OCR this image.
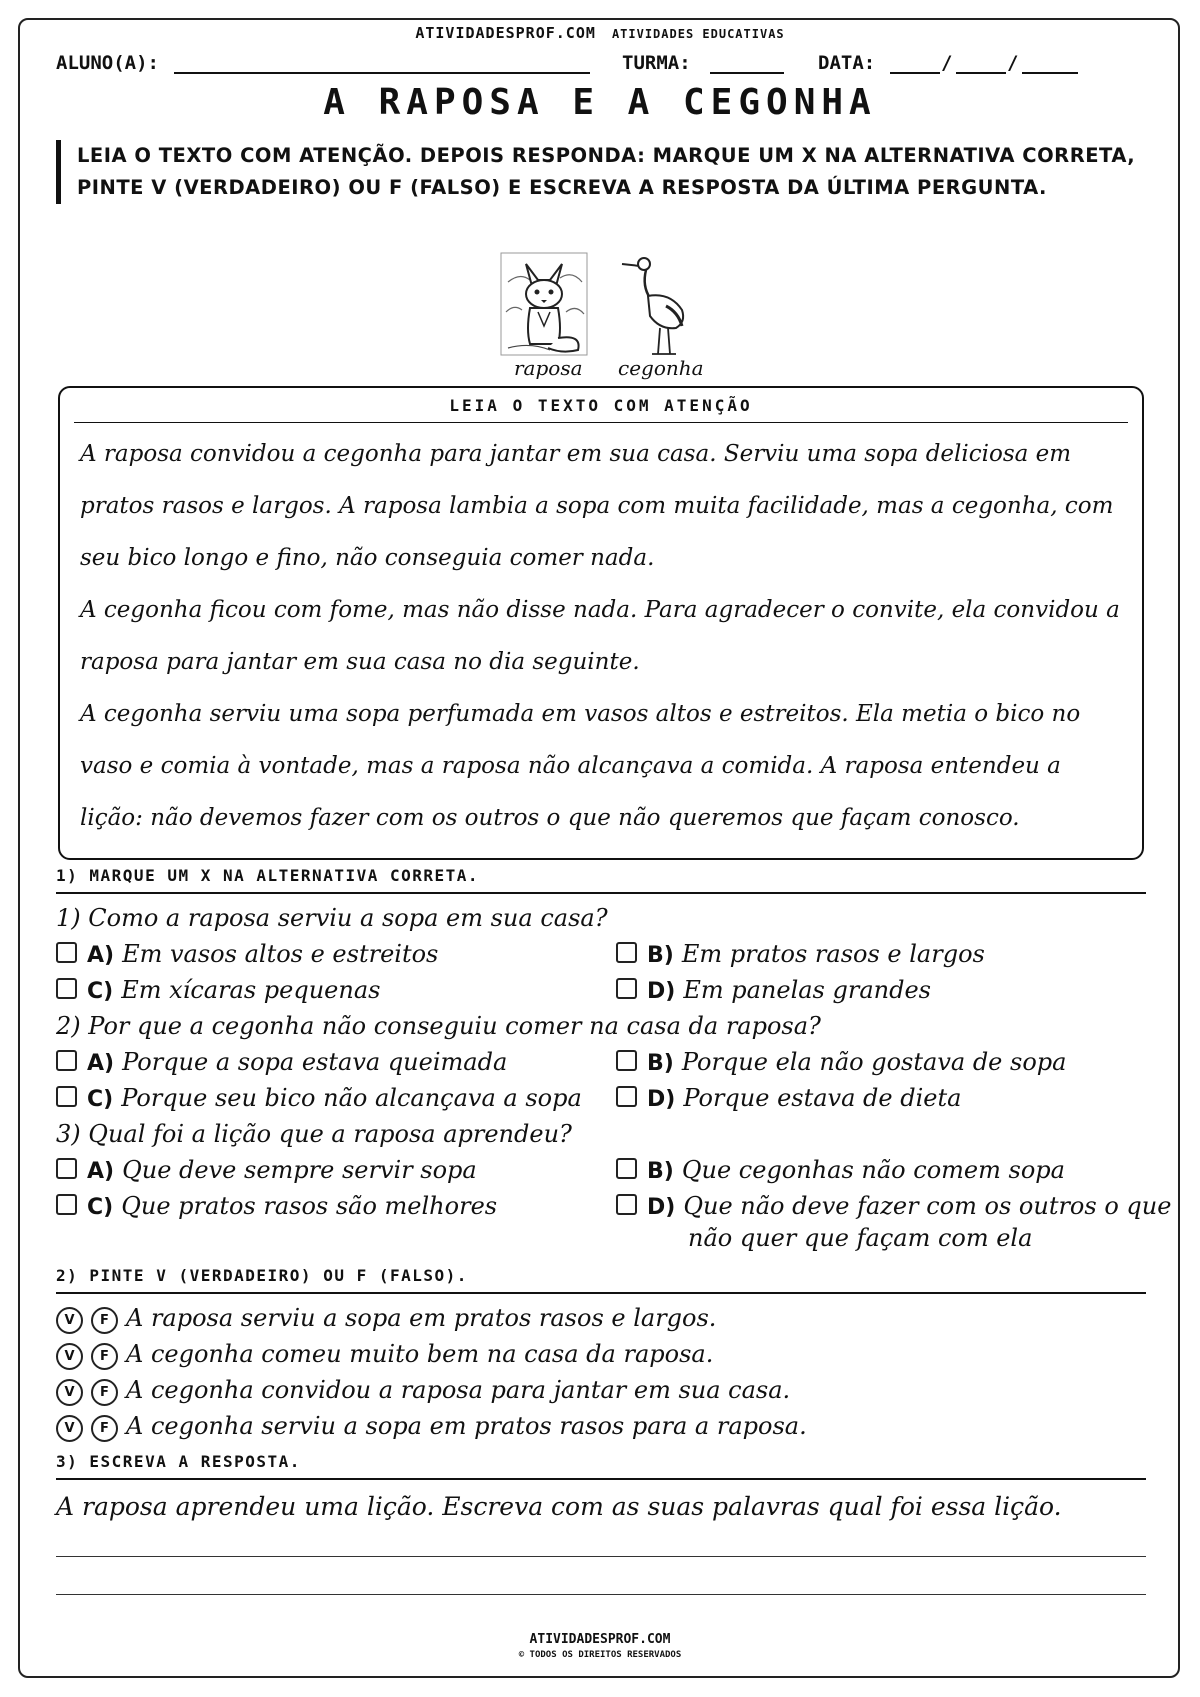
ATIVIDADESPROF.COM ATIVIDADES EDUCATIVAS
ALUNO(A):	TURMA:	DATA:	/	/
A RAPOSA E A CEGONHA
LEIA O TEXTO COM ATENÇÃO. DEPOIS RESPONDA: MARQUE UM X NA ALTERNATIVA CORRETA, PINTE V (VERDADEIRO) OU F (FALSO) E ESCREVA A RESPOSTA DA ÚLTIMA PERGUNTA.
raposa cegonha
LEIA O TEXTO COM ATENÇÃO
A raposa convidou a cegonha para jantar em sua casa. Serviu uma sopa deliciosa em pratos rasos e largos. A raposa lambia a sopa com muita facilidade, mas a cegonha, com seu bico longo e fino, não conseguia comer nada.
A cegonha ficou com fome, mas não disse nada. Para agradecer o convite, ela convidou a raposa para jantar em sua casa no dia seguinte.
A cegonha serviu uma sopa perfumada em vasos altos e estreitos. Ela metia o bico no vaso e comia à vontade, mas a raposa não alcançava a comida. A raposa entendeu a lição: não devemos fazer com os outros o que não queremos que façam conosco.
1) MARQUE UM X NA ALTERNATIVA CORRETA.
1) Como a raposa serviu a sopa em sua casa?
A) Em vasos altos e estreitos	B) Em pratos rasos e largos
C) Em xícaras pequenas	D) Em panelas grandes
2) Por que a cegonha não conseguiu comer na casa da raposa?
A) Porque a sopa estava queimada	B) Porque ela não gostava de sopa
C) Porque seu bico não alcançava a sopa	D) Porque estava de dieta
3) Qual foi a lição que a raposa aprendeu?
A) Que deve sempre servir sopa	B) Que cegonhas não comem sopa
C) Que pratos rasos são melhores	D) Que não deve fazer com os outros o que
não quer que façam com ela
2) PINTE V (VERDADEIRO) OU F (FALSO).
V F A raposa serviu a sopa em pratos rasos e largos.
V F A cegonha comeu muito bem na casa da raposa.
V F A cegonha convidou a raposa para jantar em sua casa.
V F A cegonha serviu a sopa em pratos rasos para a raposa.
3) ESCREVA A RESPOSTA.
A raposa aprendeu uma lição. Escreva com as suas palavras qual foi essa lição.
ATIVIDADESPROF.COM
© TODOS OS DIREITOS RESERVADOS
